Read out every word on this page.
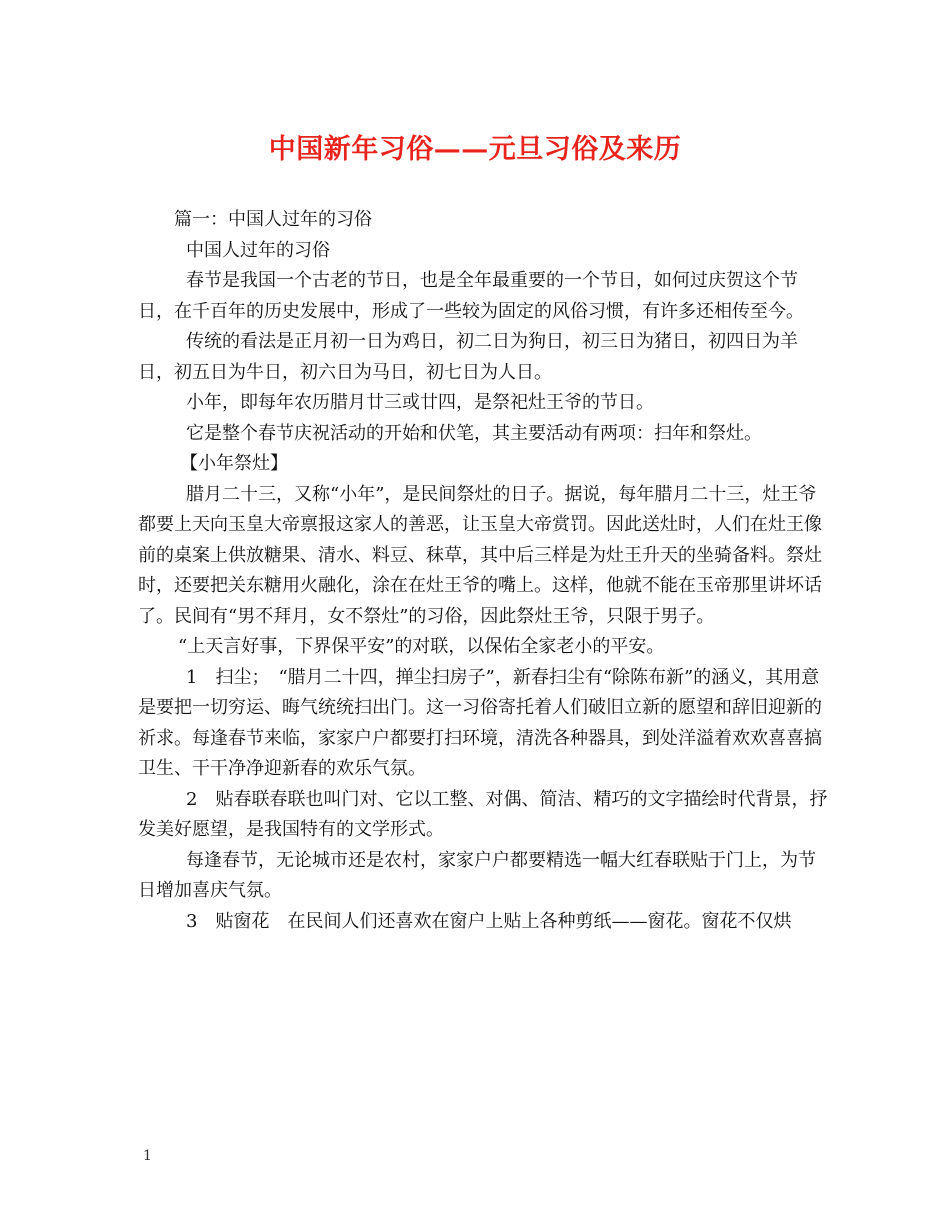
中国新年习俗——元旦习俗及来历

篇一：中国人过年的习俗

中国人过年的习俗

春节是我国一个古老的节日，也是全年最重要的一个节日，如何过庆贺这个节日，在千百年的历史发展中，形成了一些较为固定的风俗习惯，有许多还相传至今。

传统的看法是正月初一日为鸡日，初二日为狗日，初三日为猪日，初四日为羊日，初五日为牛日，初六日为马日，初七日为人日。

小年，即每年农历腊月廿三或廿四，是祭祀灶王爷的节日。

它是整个春节庆祝活动的开始和伏笔，其主要活动有两项：扫年和祭灶。

【小年祭灶】

腊月二十三，又称“小年”，是民间祭灶的日子。据说，每年腊月二十三，灶王爷都要上天向玉皇大帝禀报这家人的善恶，让玉皇大帝赏罚。因此送灶时，人们在灶王像前的桌案上供放糖果、清水、料豆、秣草，其中后三样是为灶王升天的坐骑备料。祭灶时，还要把关东糖用火融化，涂在在灶王爷的嘴上。这样，他就不能在玉帝那里讲坏话了。民间有“男不拜月，女不祭灶”的习俗，因此祭灶王爷，只限于男子。

“上天言好事，下界保平安”的对联，以保佑全家老小的平安。

1　扫尘；　“腊月二十四，掸尘扫房子”，新春扫尘有“除陈布新”的涵义，其用意是要把一切穷运、晦气统统扫出门。这一习俗寄托着人们破旧立新的愿望和辞旧迎新的祈求。每逢春节来临，家家户户都要打扫环境，清洗各种器具，到处洋溢着欢欢喜喜搞卫生、干干净净迎新春的欢乐气氛。

2　贴春联春联也叫门对、它以工整、对偶、简洁、精巧的文字描绘时代背景，抒发美好愿望，是我国特有的文学形式。

每逢春节，无论城市还是农村，家家户户都要精选一幅大红春联贴于门上，为节日增加喜庆气氛。

3　贴窗花　在民间人们还喜欢在窗户上贴上各种剪纸——窗花。窗花不仅烘

1
